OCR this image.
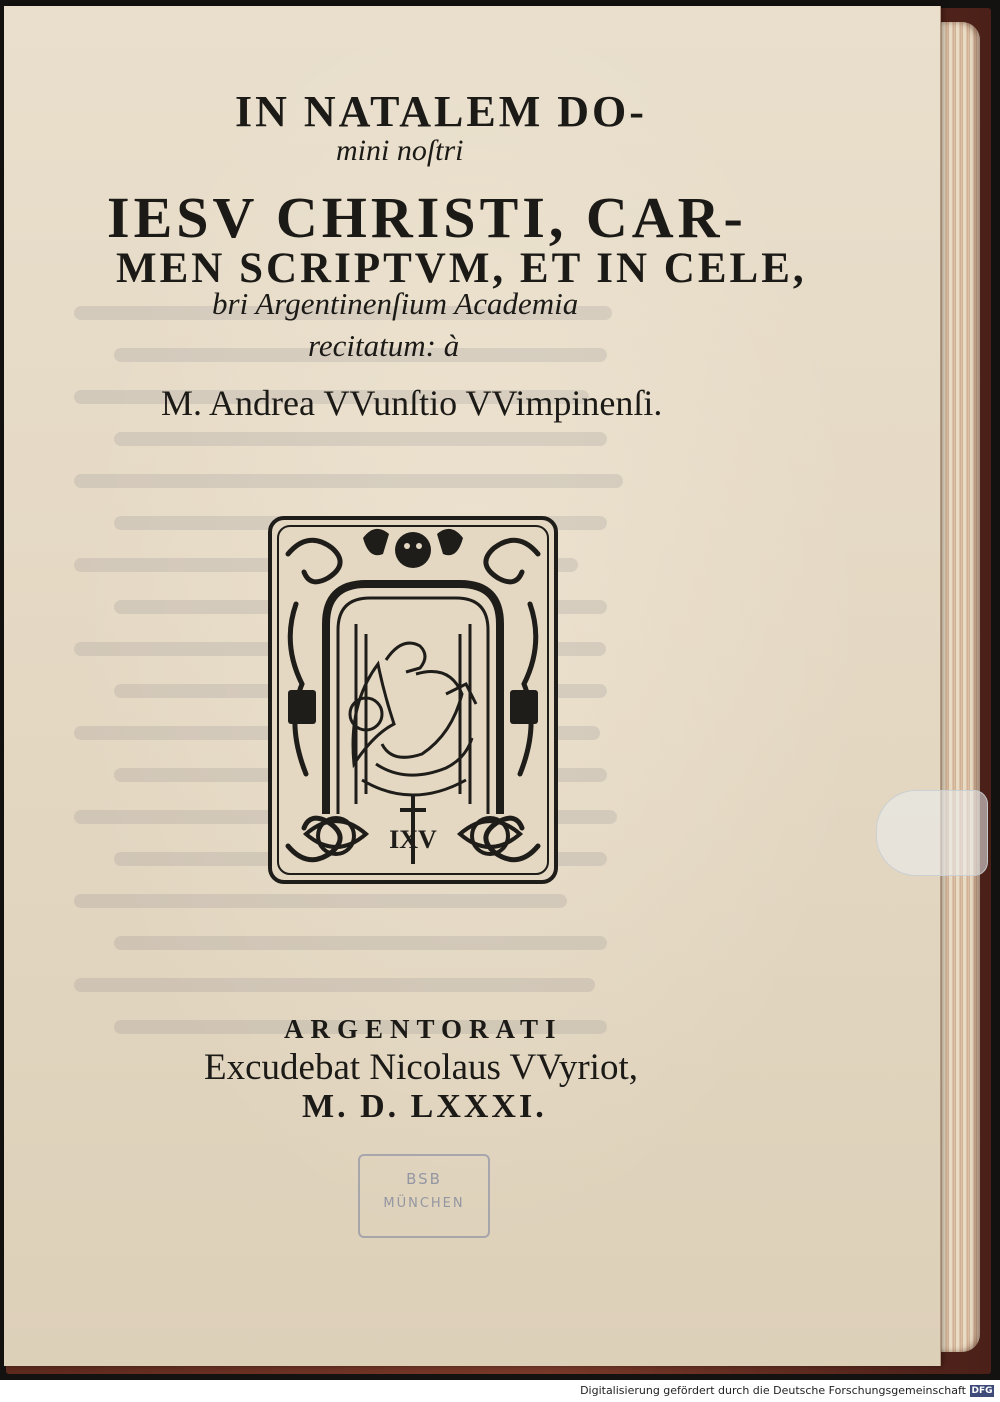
IN NATALEM DO-
mini noſtri
IESV CHRISTI, CAR-
MEN SCRIPTVM, ET IN CELE,
bri Argentinenſium Academia
recitatum: à
M. Andrea VVunſtio VVimpinenſi.
IXV
ARGENTORATI
Excudebat Nicolaus VVyriot,
M. D. LXXXI.
BSB
MÜNCHEN
Digitalisierung gefördert durch die Deutsche Forschungsgemeinschaft DFG
